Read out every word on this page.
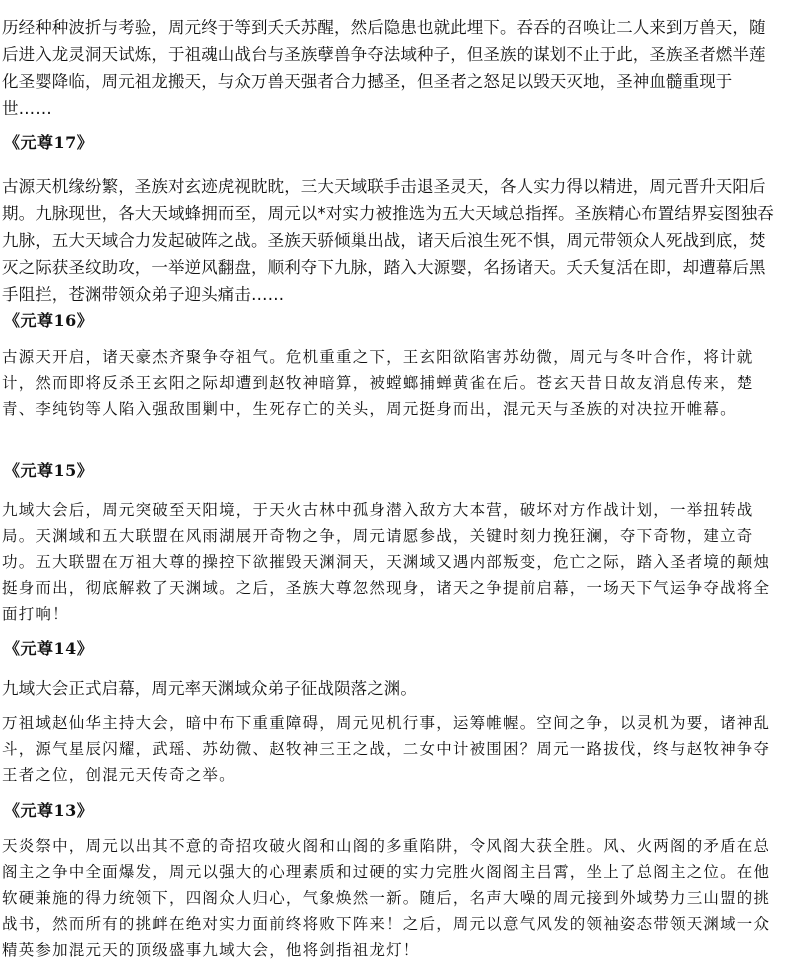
历经种种波折与考验，周元终于等到夭夭苏醒，然后隐患也就此埋下。吞吞的召唤让二人来到万兽天，随后进入龙灵洞天试炼，于祖魂山战台与圣族孽兽争夺法域种子，但圣族的谋划不止于此，圣族圣者燃半莲化圣婴降临，周元祖龙搬天，与众万兽天强者合力撼圣，但圣者之怒足以毁天灭地，圣神血髓重现于世……

《元尊17》

古源天机缘纷繁，圣族对玄迹虎视眈眈，三大天域联手击退圣灵天，各人实力得以精进，周元晋升天阳后期。九脉现世，各大天域蜂拥而至，周元以*对实力被推选为五大天域总指挥。圣族精心布置结界妄图独吞九脉，五大天域合力发起破阵之战。圣族天骄倾巢出战，诸天后浪生死不惧，周元带领众人死战到底，焚灭之际获圣纹助攻，一举逆风翻盘，顺利夺下九脉，踏入大源婴，名扬诸天。夭夭复活在即，却遭幕后黑手阻拦，苍渊带领众弟子迎头痛击……

《元尊16》

古源天开启，诸天豪杰齐聚争夺祖气。危机重重之下，王玄阳欲陷害苏幼微，周元与冬叶合作，将计就计，然而即将反杀王玄阳之际却遭到赵牧神暗算，被螳螂捕蝉黄雀在后。苍玄天昔日故友消息传来，楚青、李纯钧等人陷入强敌围剿中，生死存亡的关头，周元挺身而出，混元天与圣族的对决拉开帷幕。

《元尊15》

九域大会后，周元突破至天阳境，于天火古林中孤身潜入敌方大本营，破坏对方作战计划，一举扭转战局。天渊域和五大联盟在风雨湖展开奇物之争，周元请愿参战，关键时刻力挽狂澜，夺下奇物，建立奇功。五大联盟在万祖大尊的操控下欲摧毁天渊洞天，天渊域又遇内部叛变，危亡之际，踏入圣者境的颠烛挺身而出，彻底解救了天渊域。之后，圣族大尊忽然现身，诸天之争提前启幕，一场天下气运争夺战将全面打响！

《元尊14》

九域大会正式启幕，周元率天渊域众弟子征战陨落之渊。

万祖域赵仙华主持大会，暗中布下重重障碍，周元见机行事，运筹帷幄。空间之争，以灵机为要，诸神乱斗，源气星辰闪耀，武瑶、苏幼微、赵牧神三王之战，二女中计被围困？周元一路拔伐，终与赵牧神争夺王者之位，创混元天传奇之举。

《元尊13》

天炎祭中，周元以出其不意的奇招攻破火阁和山阁的多重陷阱，令风阁大获全胜。风、火两阁的矛盾在总阁主之争中全面爆发，周元以强大的心理素质和过硬的实力完胜火阁阁主吕霄，坐上了总阁主之位。在他软硬兼施的得力统领下，四阁众人归心，气象焕然一新。随后，名声大噪的周元接到外域势力三山盟的挑战书，然而所有的挑衅在绝对实力面前终将败下阵来！之后，周元以意气风发的领袖姿态带领天渊域一众精英参加混元天的顶级盛事九域大会，他将剑指祖龙灯！
